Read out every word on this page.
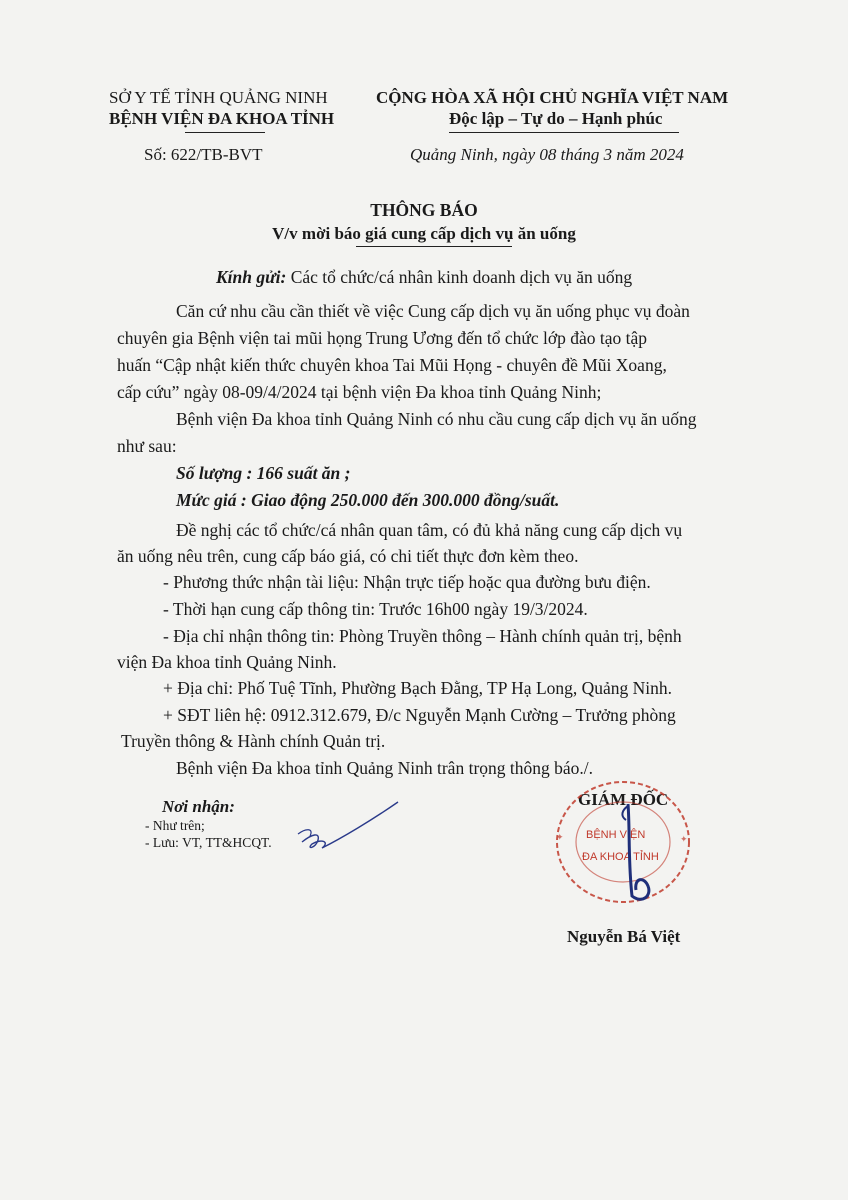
SỞ Y TẾ TỈNH QUẢNG NINH
BỆNH VIỆN ĐA KHOA TỈNH
Số: 622/TB-BVT
CỘNG HÒA XÃ HỘI CHỦ NGHĨA VIỆT NAM
Độc lập – Tự do – Hạnh phúc
Quảng Ninh, ngày 08 tháng 3 năm 2024
THÔNG BÁO
V/v mời báo giá cung cấp dịch vụ ăn uống
Kính gửi: Các tổ chức/cá nhân kinh doanh dịch vụ ăn uống
Căn cứ nhu cầu cần thiết về việc Cung cấp dịch vụ ăn uống phục vụ đoàn
chuyên gia Bệnh viện tai mũi họng Trung Ương đến tổ chức lớp đào tạo tập
huấn “Cập nhật kiến thức chuyên khoa Tai Mũi Họng - chuyên đề Mũi Xoang,
cấp cứu” ngày 08-09/4/2024 tại bệnh viện Đa khoa tỉnh Quảng Ninh;
Bệnh viện Đa khoa tỉnh Quảng Ninh có nhu cầu cung cấp dịch vụ ăn uống
như sau:
Số lượng : 166 suất ăn ;
Mức giá : Giao động 250.000 đến 300.000 đồng/suất.
Đề nghị các tổ chức/cá nhân quan tâm, có đủ khả năng cung cấp dịch vụ
ăn uống nêu trên, cung cấp báo giá, có chi tiết thực đơn kèm theo.
- Phương thức nhận tài liệu: Nhận trực tiếp hoặc qua đường bưu điện.
- Thời hạn cung cấp thông tin: Trước 16h00 ngày 19/3/2024.
- Địa chỉ nhận thông tin: Phòng Truyền thông – Hành chính quản trị, bệnh
viện Đa khoa tỉnh Quảng Ninh.
+ Địa chỉ: Phố Tuệ Tĩnh, Phường Bạch Đằng, TP Hạ Long, Quảng Ninh.
+ SĐT liên hệ: 0912.312.679, Đ/c Nguyễn Mạnh Cường – Trưởng phòng
Truyền thông & Hành chính Quản trị.
Bệnh viện Đa khoa tỉnh Quảng Ninh trân trọng thông báo./.
Nơi nhận:
- Như trên;
- Lưu: VT, TT&HCQT.
GIÁM ĐỐC
BỆNH VIỆN
ĐA KHOA TỈNH
✦	✦
Nguyễn Bá Việt
